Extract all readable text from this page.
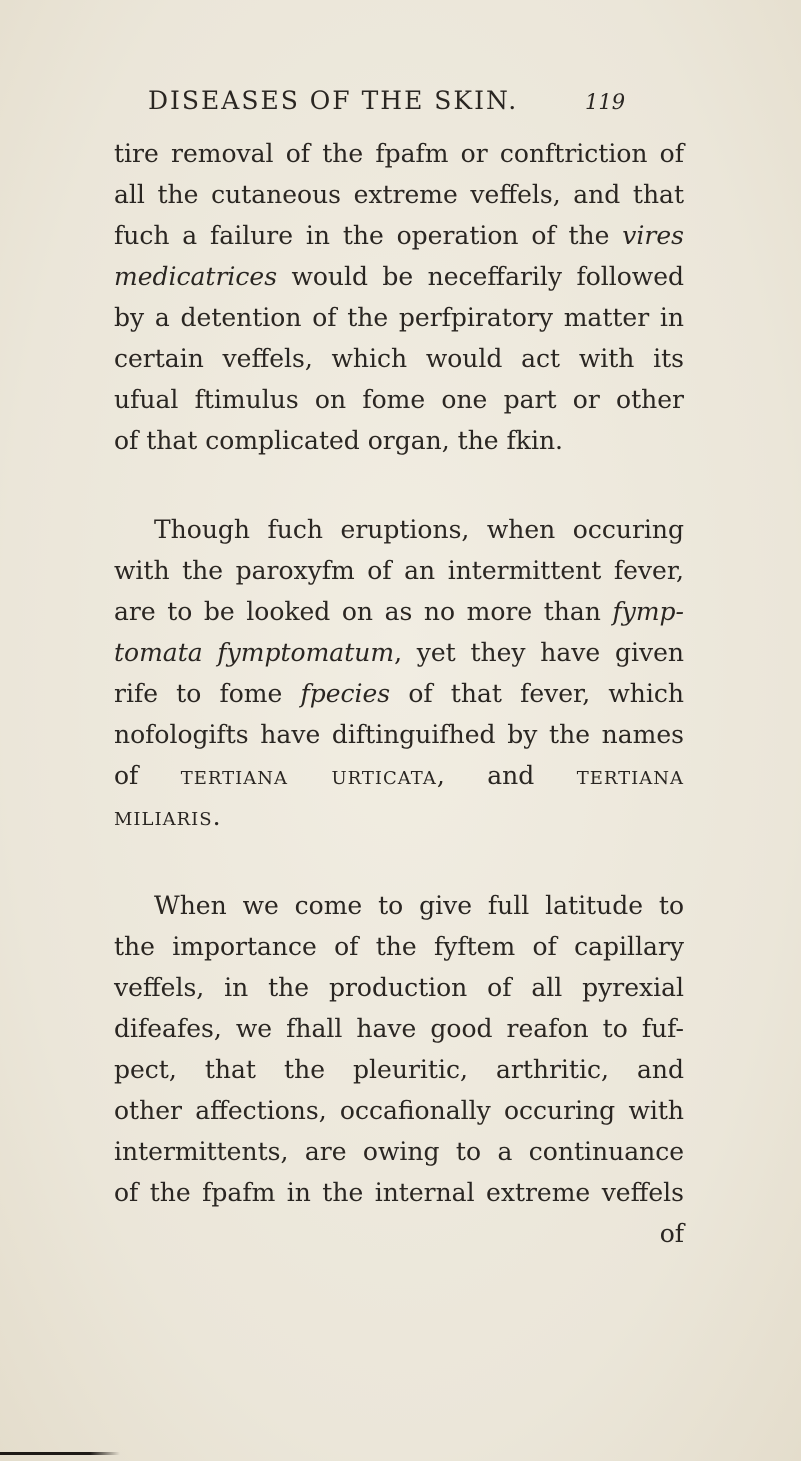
DISEASES OF THE SKIN.	119
tire removal of the fpafm or conftriction of
all the cutaneous extreme veffels, and that
fuch a failure in the operation of the vires
medicatrices would be neceffarily followed
by a detention of the perfpiratory matter in
certain veffels, which would act with its
ufual ftimulus on fome one part or other
of that complicated organ, the fkin.
Though fuch eruptions, when occuring
with the paroxyfm of an intermittent fever,
are to be looked on as no more than fymp-
tomata fymptomatum, yet they have given
rife to fome fpecies of that fever, which
nofologifts have diftinguifhed by the names
of tertiana urticata, and tertiana
miliaris.
When we come to give full latitude to
the importance of the fyftem of capillary
veffels, in the production of all pyrexial
difeafes, we fhall have good reafon to fuf-
pect, that the pleuritic, arthritic, and
other affections, occafionally occuring with
intermittents, are owing to a continuance
of the fpafm in the internal extreme veffels
of
